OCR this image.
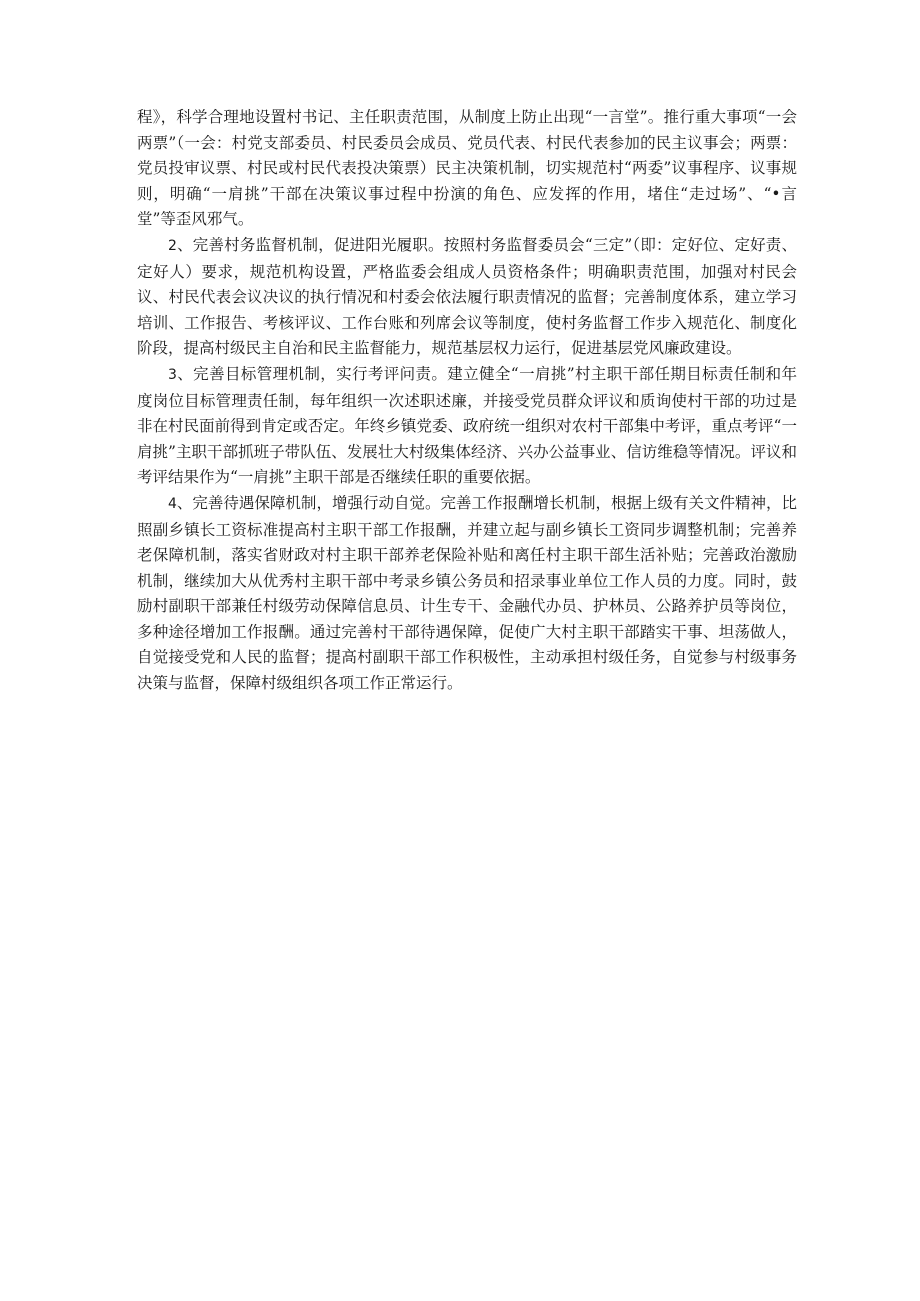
程》，科学合理地设置村书记、主任职责范围，从制度上防止出现“一言堂”。推行重大事项“一会两票”（一会：村党支部委员、村民委员会成员、党员代表、村民代表参加的民主议事会；两票：党员投审议票、村民或村民代表投决策票）民主决策机制，切实规范村“两委”议事程序、议事规则，明确“一肩挑”干部在决策议事过程中扮演的角色、应发挥的作用，堵住“走过场”、“•言堂”等歪风邪气。

2、完善村务监督机制，促进阳光履职。按照村务监督委员会“三定”（即：定好位、定好责、定好人）要求，规范机构设置，严格监委会组成人员资格条件；明确职责范围，加强对村民会议、村民代表会议决议的执行情况和村委会依法履行职责情况的监督；完善制度体系，建立学习培训、工作报告、考核评议、工作台账和列席会议等制度，使村务监督工作步入规范化、制度化阶段，提高村级民主自治和民主监督能力，规范基层权力运行，促进基层党风廉政建设。

3、完善目标管理机制，实行考评问责。建立健全“一肩挑”村主职干部任期目标责任制和年度岗位目标管理责任制，每年组织一次述职述廉，并接受党员群众评议和质询使村干部的功过是非在村民面前得到肯定或否定。年终乡镇党委、政府统一组织对农村干部集中考评，重点考评“一肩挑”主职干部抓班子带队伍、发展壮大村级集体经济、兴办公益事业、信访维稳等情况。评议和考评结果作为“一肩挑”主职干部是否继续任职的重要依据。

4、完善待遇保障机制，增强行动自觉。完善工作报酬增长机制，根据上级有关文件精神，比照副乡镇长工资标准提高村主职干部工作报酬，并建立起与副乡镇长工资同步调整机制；完善养老保障机制，落实省财政对村主职干部养老保险补贴和离任村主职干部生活补贴；完善政治激励机制，继续加大从优秀村主职干部中考录乡镇公务员和招录事业单位工作人员的力度。同时，鼓励村副职干部兼任村级劳动保障信息员、计生专干、金融代办员、护林员、公路养护员等岗位，多种途径增加工作报酬。通过完善村干部待遇保障，促使广大村主职干部踏实干事、坦荡做人，自觉接受党和人民的监督；提高村副职干部工作积极性，主动承担村级任务，自觉参与村级事务决策与监督，保障村级组织各项工作正常运行。
